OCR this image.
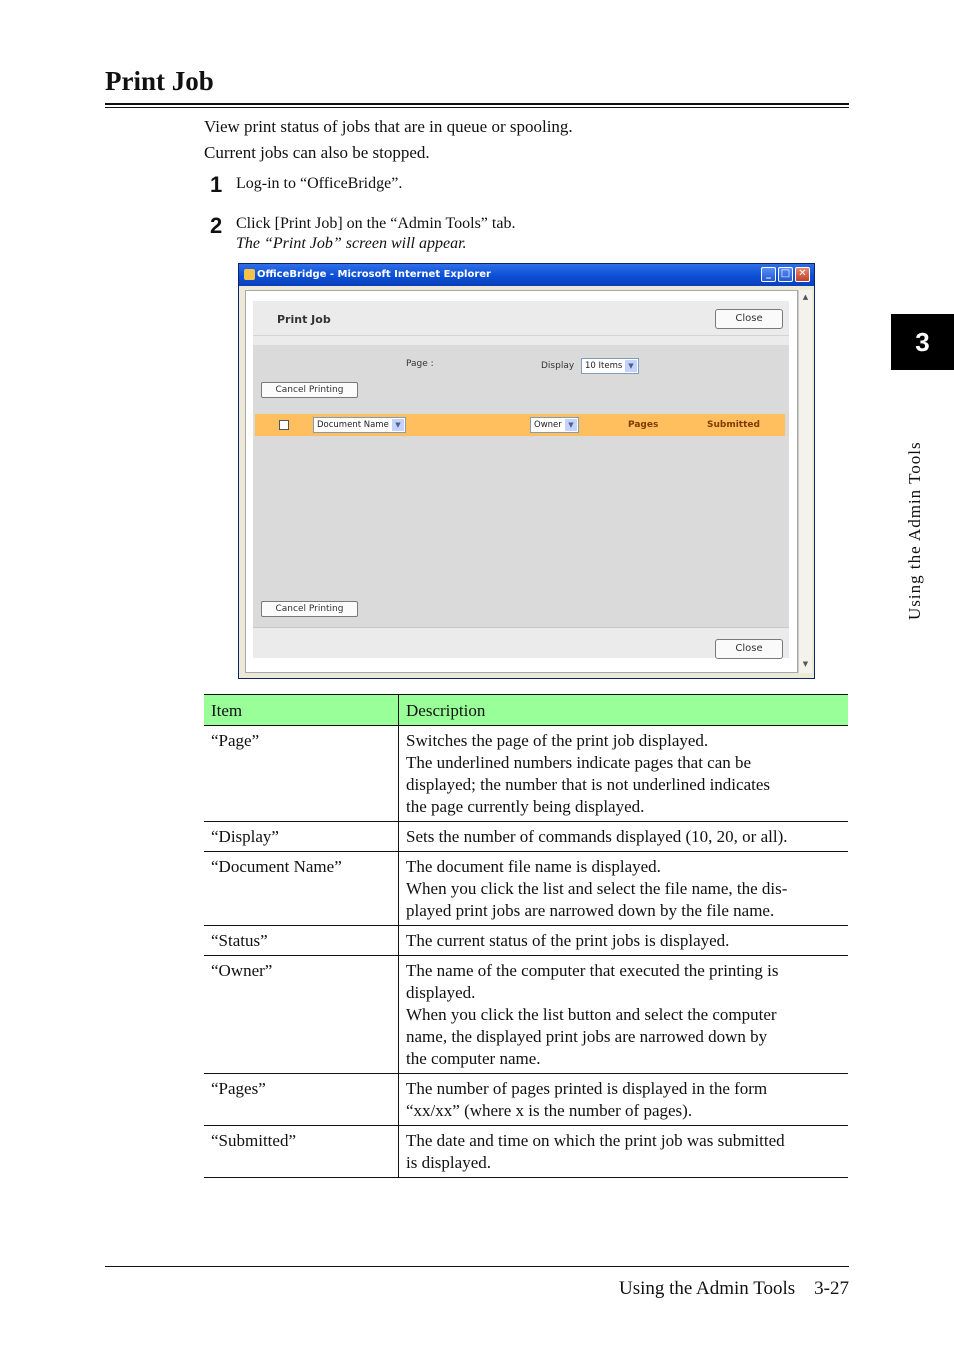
Print Job
View print status of jobs that are in queue or spooling.
Current jobs can also be stopped.
1 Log-in to “OfficeBridge”.
2 Click [Print Job] on the “Admin Tools” tab.
The “Print Job” screen will appear.
3
Using the Admin Tools
OfficeBridge - Microsoft Internet Explorer	_ □ ✕
Print Job	Close
Page :	Display	10 Items ▼
Cancel Printing
Document Name ▼	Owner ▼	Pages	Submitted
Cancel Printing
Close
▲
▼
Item	Description
“Page”	Switches the page of the print job displayed.
The underlined numbers indicate pages that can be
displayed; the number that is not underlined indicates
the page currently being displayed.

“Display”	Sets the number of commands displayed (10, 20, or all).

“Document Name”	The document file name is displayed.
When you click the list and select the file name, the dis-
played print jobs are narrowed down by the file name.

“Status”	The current status of the print jobs is displayed.

“Owner”	The name of the computer that executed the printing is
displayed.
When you click the list button and select the computer
name, the displayed print jobs are narrowed down by
the computer name.

“Pages”	The number of pages printed is displayed in the form
“xx/xx” (where x is the number of pages).

“Submitted”	The date and time on which the print job was submitted
is displayed.
Using the Admin Tools 3-27
